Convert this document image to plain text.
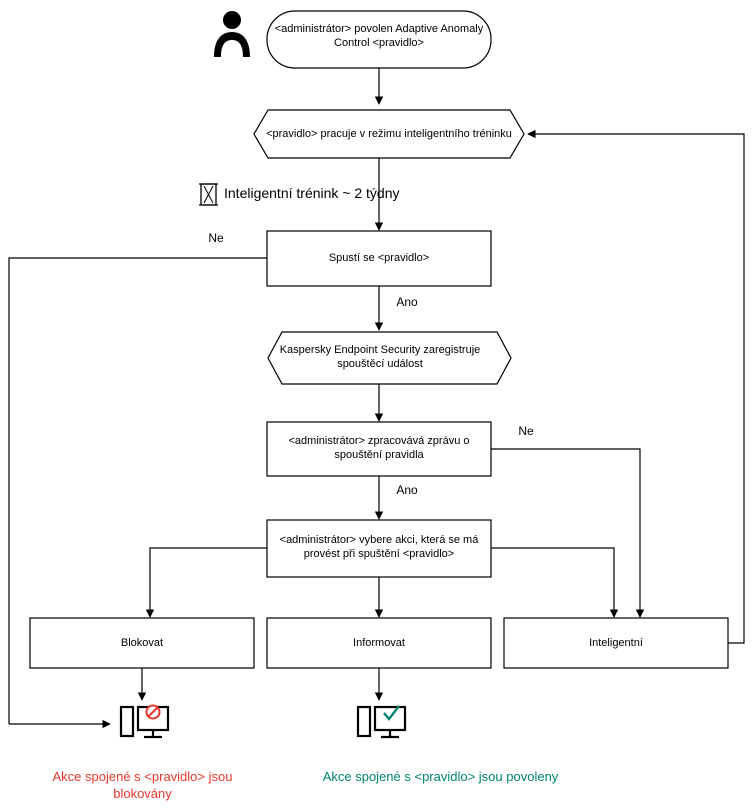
<administrátor> povolen Adaptive Anomaly
Control <pravidlo>
<pravidlo> pracuje v režimu inteligentního tréninku
Spustí se <pravidlo>
Kaspersky Endpoint Security zaregistruje
spouštěcí událost
<administrátor> zpracovává zprávu o
spouštění pravidla
<administrátor> vybere akci, která se má
provést při spuštění <pravidlo>
Blokovat	Informovat	Inteligentní
Inteligentní trénink ~ 2 týdny
Ne
Ano
Ne
Ano
Akce spojené s <pravidlo> jsou
blokovány
Akce spojené s <pravidlo> jsou povoleny
